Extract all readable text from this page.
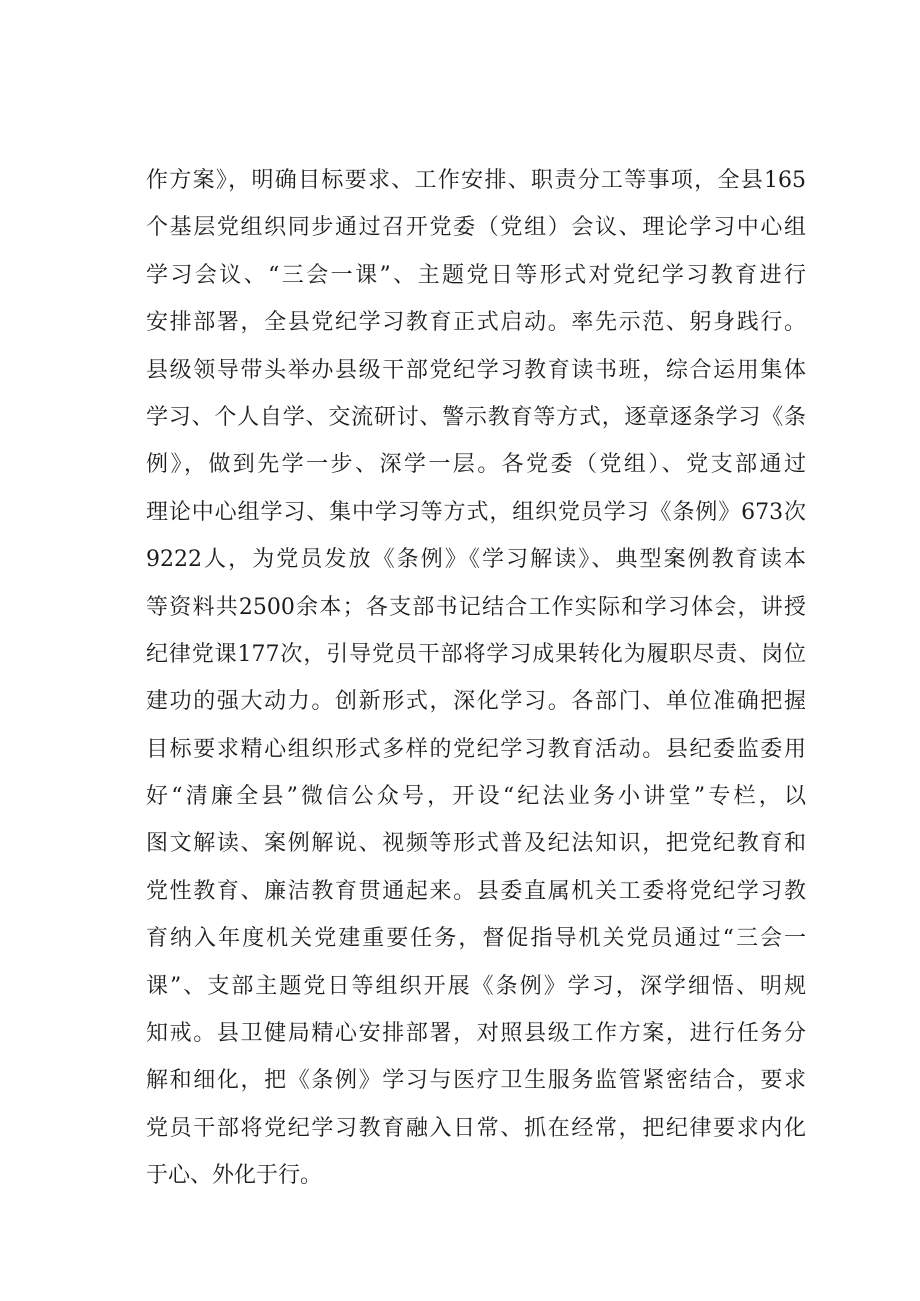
作方案》，明确目标要求、工作安排、职责分工等事项，全县165
个基层党组织同步通过召开党委（党组）会议、理论学习中心组
学习会议、“三会一课”、主题党日等形式对党纪学习教育进行
安排部署，全县党纪学习教育正式启动。率先示范、躬身践行。
县级领导带头举办县级干部党纪学习教育读书班，综合运用集体
学习、个人自学、交流研讨、警示教育等方式，逐章逐条学习《条
例》，做到先学一步、深学一层。各党委（党组）、党支部通过
理论中心组学习、集中学习等方式，组织党员学习《条例》673次
9222人，为党员发放《条例》《学习解读》、典型案例教育读本
等资料共2500余本；各支部书记结合工作实际和学习体会，讲授
纪律党课177次，引导党员干部将学习成果转化为履职尽责、岗位
建功的强大动力。创新形式，深化学习。各部门、单位准确把握
目标要求精心组织形式多样的党纪学习教育活动。县纪委监委用
好“清廉全县”微信公众号，开设“纪法业务小讲堂”专栏，以
图文解读、案例解说、视频等形式普及纪法知识，把党纪教育和
党性教育、廉洁教育贯通起来。县委直属机关工委将党纪学习教
育纳入年度机关党建重要任务，督促指导机关党员通过“三会一
课”、支部主题党日等组织开展《条例》学习，深学细悟、明规
知戒。县卫健局精心安排部署，对照县级工作方案，进行任务分
解和细化，把《条例》学习与医疗卫生服务监管紧密结合，要求
党员干部将党纪学习教育融入日常、抓在经常，把纪律要求内化
于心、外化于行。
